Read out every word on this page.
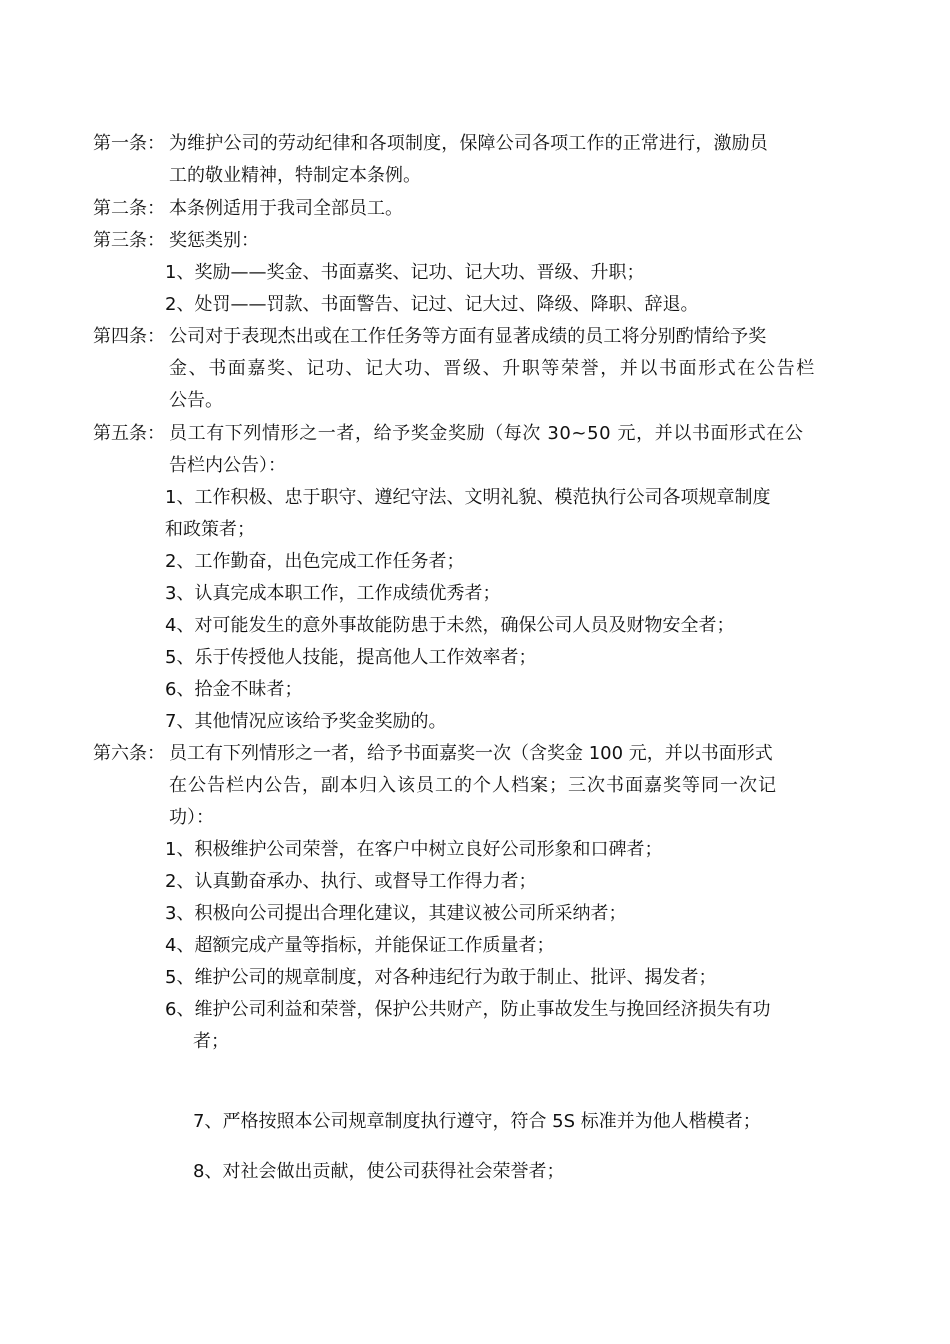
第一条： 为维护公司的劳动纪律和各项制度，保障公司各项工作的正常进行，激励员
工的敬业精神，特制定本条例。
第二条： 本条例适用于我司全部员工。
第三条： 奖惩类别：
1、奖励——奖金、书面嘉奖、记功、记大功、晋级、升职；
2、处罚——罚款、书面警告、记过、记大过、降级、降职、辞退。
第四条： 公司对于表现杰出或在工作任务等方面有显著成绩的员工将分别酌情给予奖
金、书面嘉奖、记功、记大功、晋级、升职等荣誉，并以书面形式在公告栏
公告。
第五条： 员工有下列情形之一者，给予奖金奖励（每次 30~50 元，并以书面形式在公
告栏内公告）：
1、工作积极、忠于职守、遵纪守法、文明礼貌、模范执行公司各项规章制度
和政策者；
2、工作勤奋，出色完成工作任务者；
3、认真完成本职工作，工作成绩优秀者；
4、对可能发生的意外事故能防患于未然，确保公司人员及财物安全者；
5、乐于传授他人技能，提高他人工作效率者；
6、拾金不昧者；
7、其他情况应该给予奖金奖励的。
第六条： 员工有下列情形之一者，给予书面嘉奖一次（含奖金 100 元，并以书面形式
在公告栏内公告，副本归入该员工的个人档案；三次书面嘉奖等同一次记
功）：
1、积极维护公司荣誉，在客户中树立良好公司形象和口碑者；
2、认真勤奋承办、执行、或督导工作得力者；
3、积极向公司提出合理化建议，其建议被公司所采纳者；
4、超额完成产量等指标，并能保证工作质量者；
5、维护公司的规章制度，对各种违纪行为敢于制止、批评、揭发者；
6、维护公司利益和荣誉，保护公共财产，防止事故发生与挽回经济损失有功
者；
7、严格按照本公司规章制度执行遵守，符合 5S 标准并为他人楷模者；
8、对社会做出贡献，使公司获得社会荣誉者；
